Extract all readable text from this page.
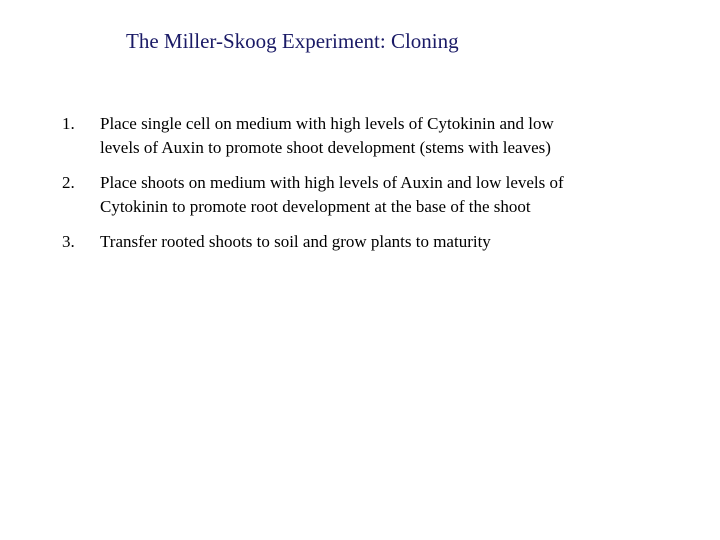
The Miller-Skoog Experiment: Cloning
1.	Place single cell on medium with high levels of Cytokinin and low levels of Auxin to promote shoot development (stems with leaves)
2.	Place shoots on medium with high levels of Auxin and low levels of Cytokinin to promote root development at the base of the shoot
3.	Transfer rooted shoots to soil and grow plants to maturity
